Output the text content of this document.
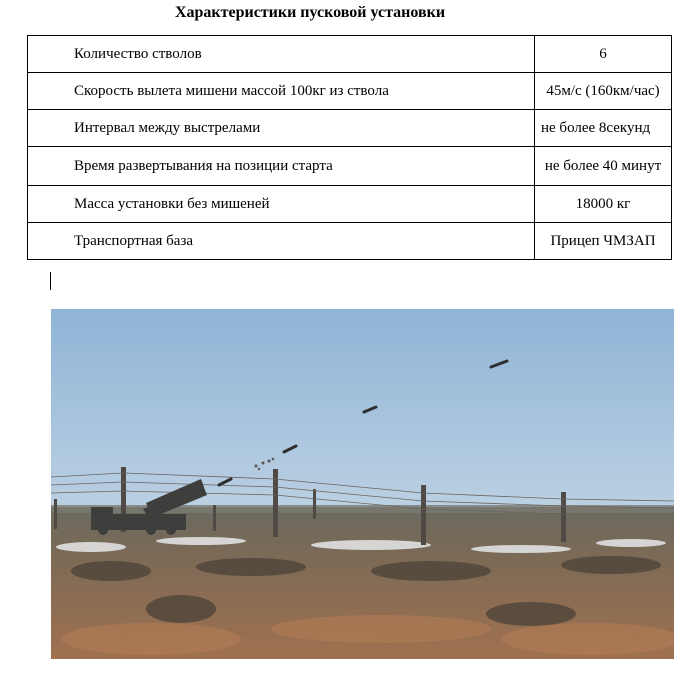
Характеристики пусковой установки
Количество стволов	6
Скорость вылета мишени массой 100кг из ствола	45м/с (160км/час)
Интервал между выстрелами	не более 8секунд
Время развертывания на позиции старта	не более 40 минут
Масса установки без мишеней	18000 кг
Транспортная база	Прицеп ЧМЗАП
